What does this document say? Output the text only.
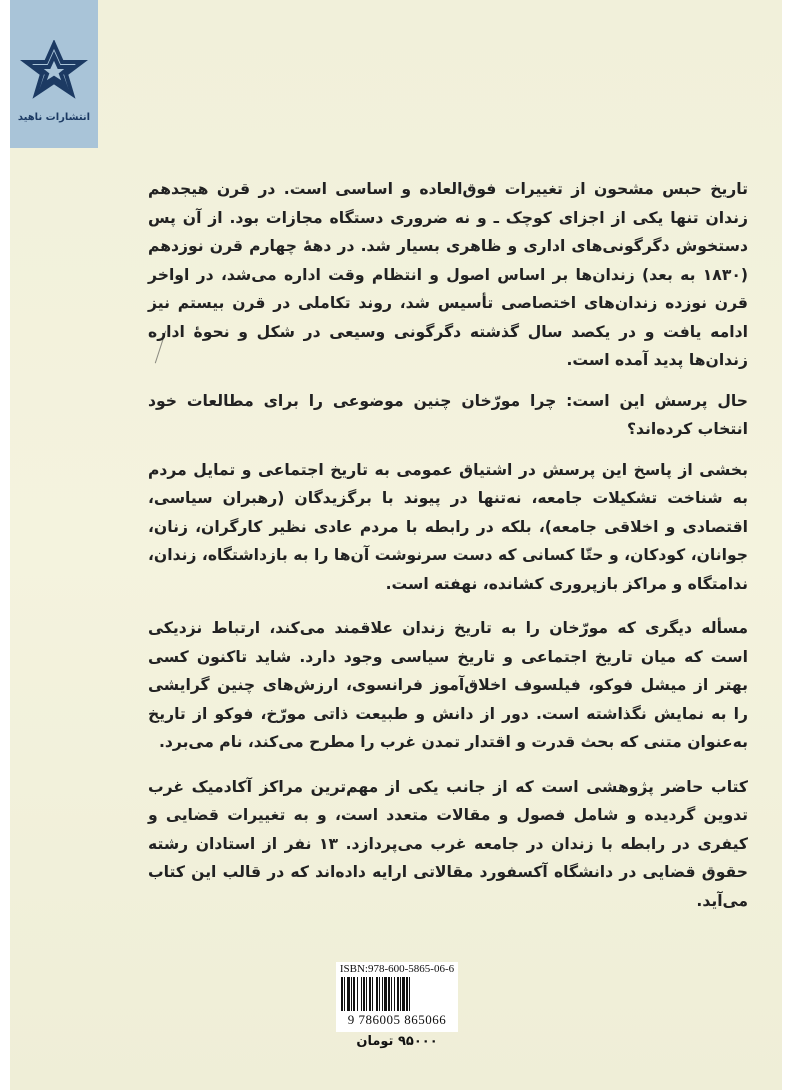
انتشارات ناهید

تاریخ حبس مشحون از تغییرات فوق‌العاده و اساسی است. در قرن هیجدهم زندان تنها یکی از اجزای کوچک ـ و نه ضروری دستگاه مجازات بود. از آن پس دستخوش دگرگونی‌های اداری و ظاهری بسیار شد. در دههٔ چهارم قرن نوزدهم (۱۸۳۰ به بعد) زندان‌ها بر اساس اصول و انتظام وقت اداره می‌شد، در اواخر قرن نوزده زندان‌های اختصاصی تأسیس شد، روند تکاملی در قرن بیستم نیز ادامه یافت و در یکصد سال گذشته دگرگونی وسیعی در شکل و نحوهٔ اداره زندان‌ها پدید آمده است.

حال پرسش این است: چرا مورّخان چنین موضوعی را برای مطالعات خود انتخاب کرده‌اند؟

بخشی از پاسخ این پرسش در اشتیاق عمومی به تاریخ اجتماعی و تمایل مردم به شناخت تشکیلات جامعه، نه‌تنها در پیوند با برگزیدگان (رهبران سیاسی، اقتصادی و اخلاقی جامعه)، بلکه در رابطه با مردم عادی نظیر کارگران، زنان، جوانان، کودکان، و حتّا کسانی که دست سرنوشت آن‌ها را به بازداشتگاه، زندان، ندامتگاه و مراکز بازپروری کشانده، نهفته است.

مسأله دیگری که مورّخان را به تاریخ زندان علاقمند می‌کند، ارتباط نزدیکی است که میان تاریخ اجتماعی و تاریخ سیاسی وجود دارد. شاید تاکنون کسی بهتر از میشل فوکو، فیلسوف اخلاق‌آموز فرانسوی، ارزش‌های چنین گرایشی را به نمایش نگذاشته است. دور از دانش و طبیعت ذاتی مورّخ، فوکو از تاریخ به‌عنوان متنی که بحث قدرت و اقتدار تمدن غرب را مطرح می‌کند، نام می‌برد.

کتاب حاضر پژوهشی است که از جانب یکی از مهم‌ترین مراکز آکادمیک غرب تدوین گردیده و شامل فصول و مقالات متعدد است، و به تغییرات قضایی و کیفری در رابطه با زندان در جامعه غرب می‌پردازد. ۱۳ نفر از استادان رشته حقوق قضایی در دانشگاه آکسفورد مقالاتی ارایه داده‌اند که در قالب این کتاب می‌آید.

ISBN:978-600-5865-06-6
9 786005 865066
۹۵۰۰۰ تومان
